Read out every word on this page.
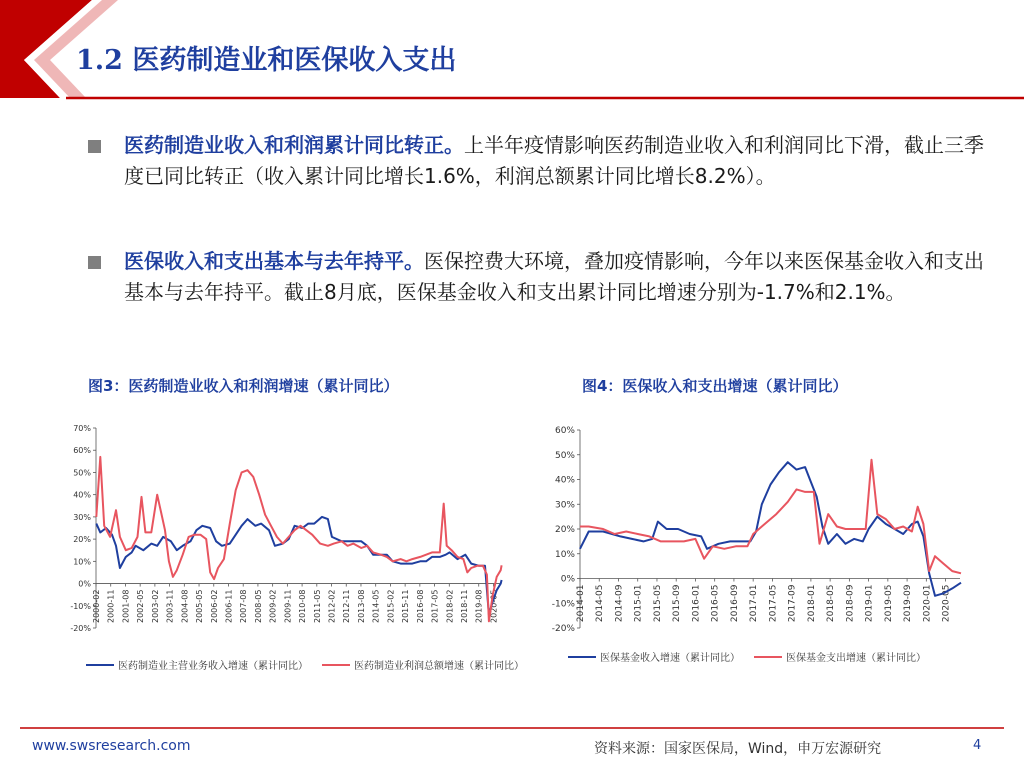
1.2 医药制造业和医保收入支出
医药制造业收入和利润累计同比转正。上半年疫情影响医药制造业收入和利润同比下滑，截止三季度已同比转正（收入累计同比增长1.6%，利润总额累计同比增长8.2%）。
医保收入和支出基本与去年持平。医保控费大环境，叠加疫情影响，今年以来医保基金收入和支出基本与去年持平。截止8月底，医保基金收入和支出累计同比增速分别为-1.7%和2.1%。
图3：医药制造业收入和利润增速（累计同比）	图4：医保收入和支出增速（累计同比）
70%
60%
50%
40%
30%
20%
10%
0%
-10%
-20%
2000-02 2000-11 2001-08 2002-05 2003-02 2003-11 2004-08 2005-05 2006-02 2006-11 2007-08 2008-05 2009-02 2009-11 2010-08 2011-05 2012-02 2012-11 2013-08 2014-05 2015-02 2015-11 2016-08 2017-05 2018-02 2018-11 2019-08 2020-05
60%
50%
40%
30%
20%
10%
0%
-10%
-20%
2014-01 2014-05 2014-09 2015-01 2015-05 2015-09 2016-01 2016-05 2016-09 2017-01 2017-05 2017-09 2018-01 2018-05 2018-09 2019-01 2019-05 2019-09 2020-01 2020-05
医药制造业主营业务收入增速（累计同比）	医药制造业利润总额增速（累计同比）
医保基金收入增速（累计同比）	医保基金支出增速（累计同比）
www.swsresearch.com	资料来源：国家医保局，Wind，申万宏源研究	4
